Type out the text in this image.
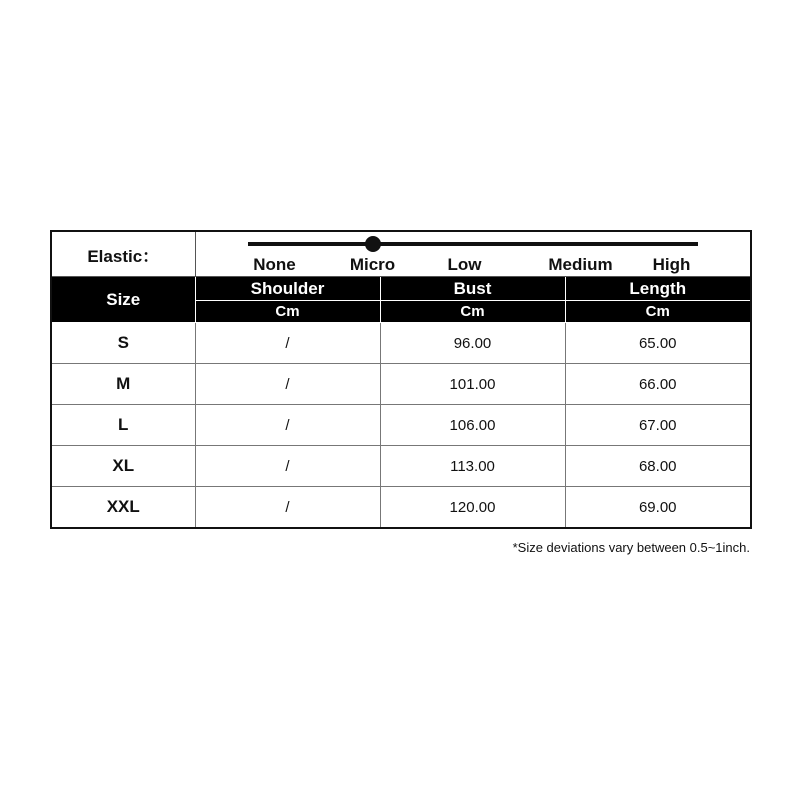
Elastic：	None Micro Low Medium High		

Size	Shoulder	Bust	Length
	Cm	Cm	Cm
S	/	96.00	65.00
M	/	101.00	66.00
L	/	106.00	67.00
XL	/	113.00	68.00
XXL	/	120.00	69.00
*Size deviations vary between 0.5~1inch.
